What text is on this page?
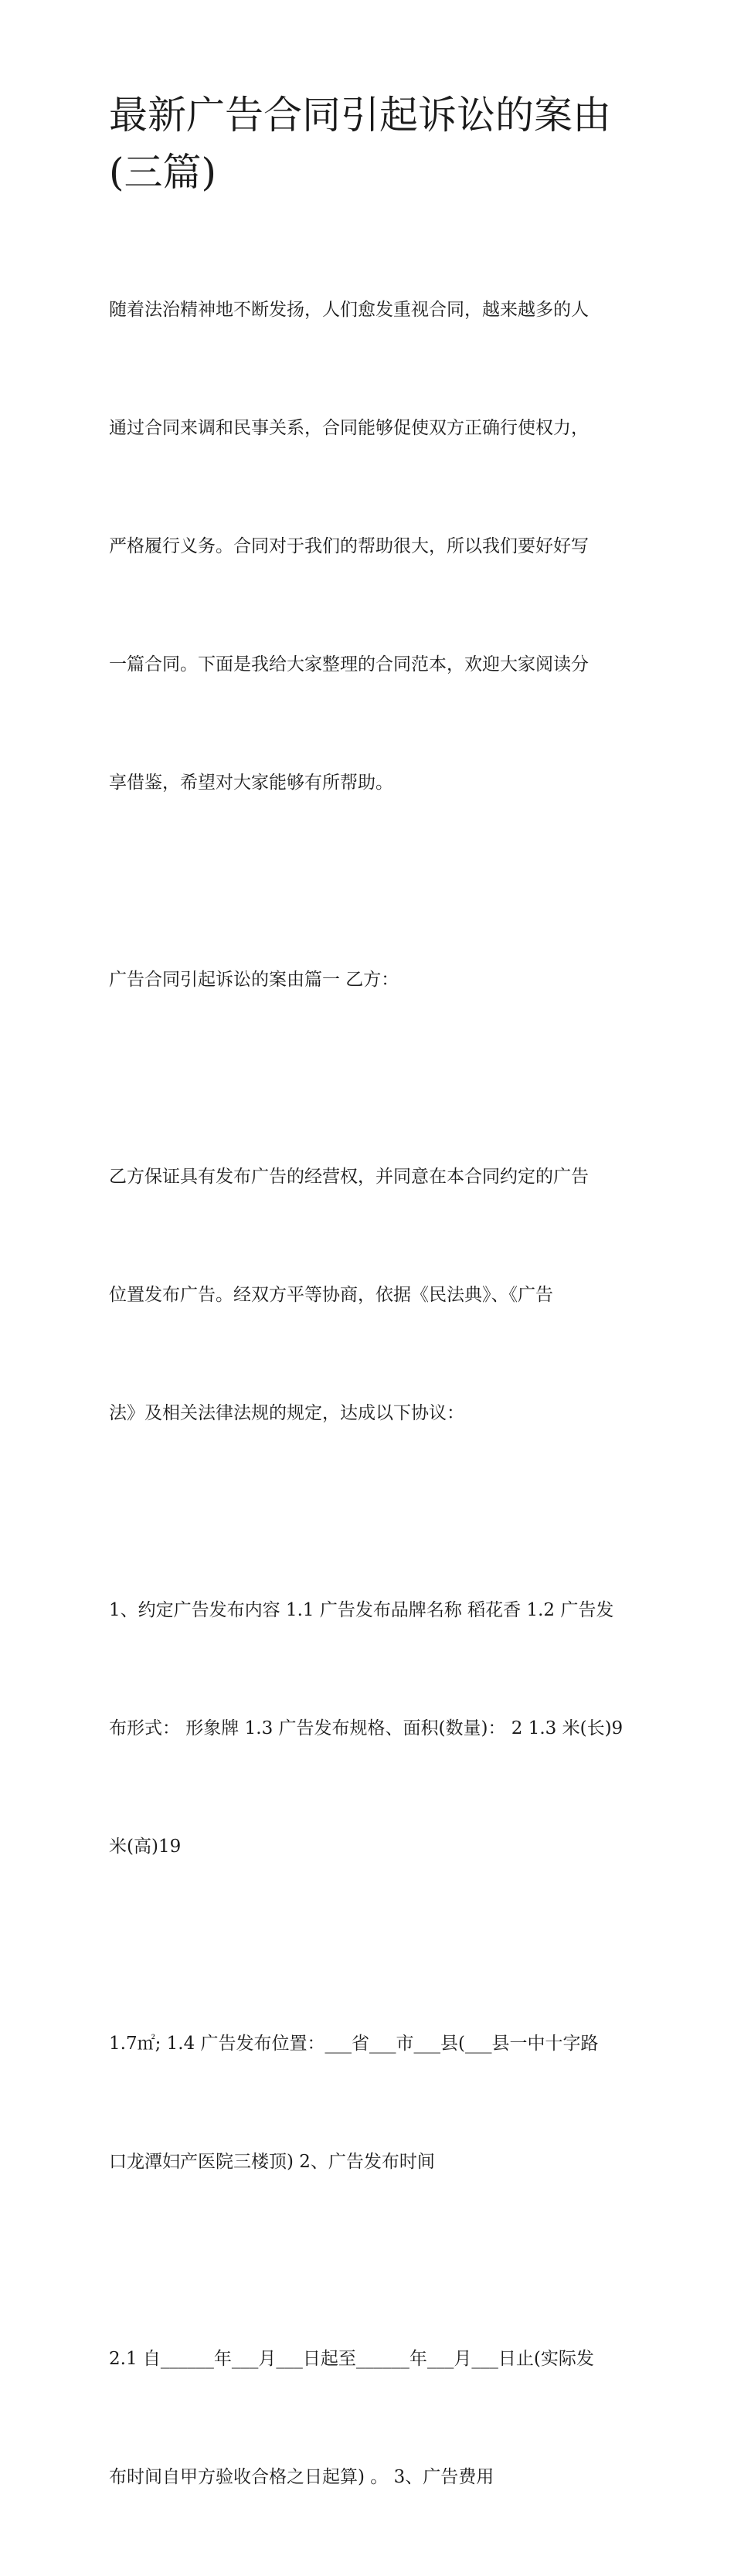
最新广告合同引起诉讼的案由
(三篇)

随着法治精神地不断发扬，人们愈发重视合同，越来越多的人

通过合同来调和民事关系，合同能够促使双方正确行使权力，

严格履行义务。合同对于我们的帮助很大，所以我们要好好写

一篇合同。下面是我给大家整理的合同范本，欢迎大家阅读分

享借鉴，希望对大家能够有所帮助。

广告合同引起诉讼的案由篇一 乙方：

乙方保证具有发布广告的经营权，并同意在本合同约定的广告

位置发布广告。经双方平等协商，依据《民法典》、《广告

法》及相关法律法规的规定，达成以下协议：

1、约定广告发布内容 1.1 广告发布品牌名称 稻花香 1.2 广告发

布形式： 形象牌 1.3 广告发布规格、面积(数量)： 2 1.3 米(长)9

米(高)19

1.7㎡; 1.4 广告发布位置：___省___市___县(___县一中十字路

口龙潭妇产医院三楼顶) 2、广告发布时间

2.1 自______年___月___日起至______年___月___日止(实际发

布时间自甲方验收合格之日起算) 。 3、广告费用
